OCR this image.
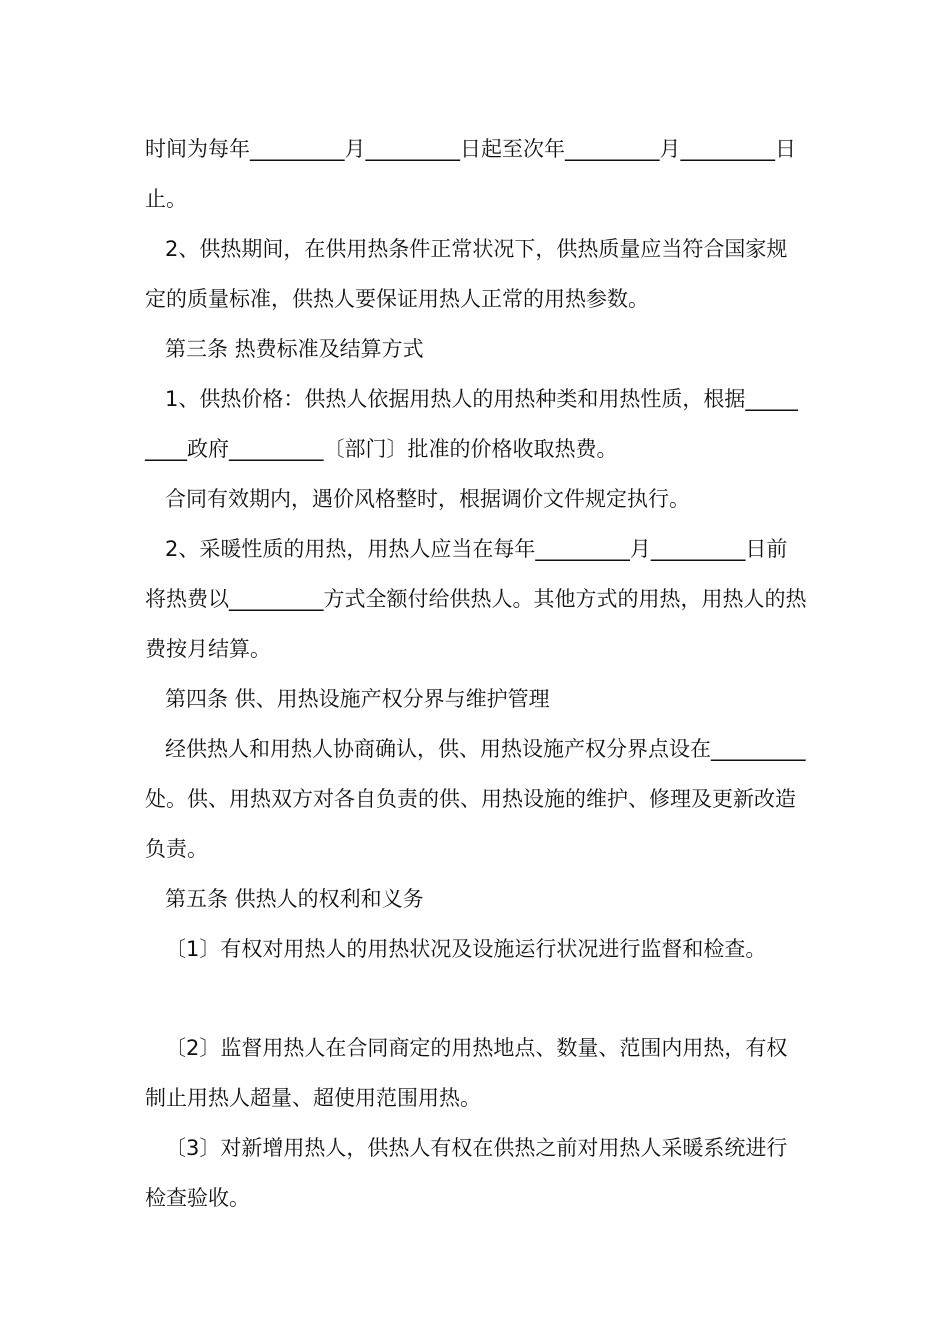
时间为每年_________月_________日起至次年_________月_________日止。

2、供热期间，在供用热条件正常状况下，供热质量应当符合国家规定的质量标准，供热人要保证用热人正常的用热参数。

第三条 热费标准及结算方式

1、供热价格：供热人依据用热人的用热种类和用热性质，根据_________政府_________〔部门〕批准的价格收取热费。

合同有效期内，遇价风格整时，根据调价文件规定执行。

2、采暖性质的用热，用热人应当在每年_________月_________日前将热费以_________方式全额付给供热人。其他方式的用热，用热人的热费按月结算。

第四条 供、用热设施产权分界与维护管理

经供热人和用热人协商确认，供、用热设施产权分界点设在_________处。供、用热双方对各自负责的供、用热设施的维护、修理及更新改造负责。

第五条 供热人的权利和义务

〔1〕有权对用热人的用热状况及设施运行状况进行监督和检查。

〔2〕监督用热人在合同商定的用热地点、数量、范围内用热，有权制止用热人超量、超使用范围用热。

〔3〕对新增用热人，供热人有权在供热之前对用热人采暖系统进行检查验收。
